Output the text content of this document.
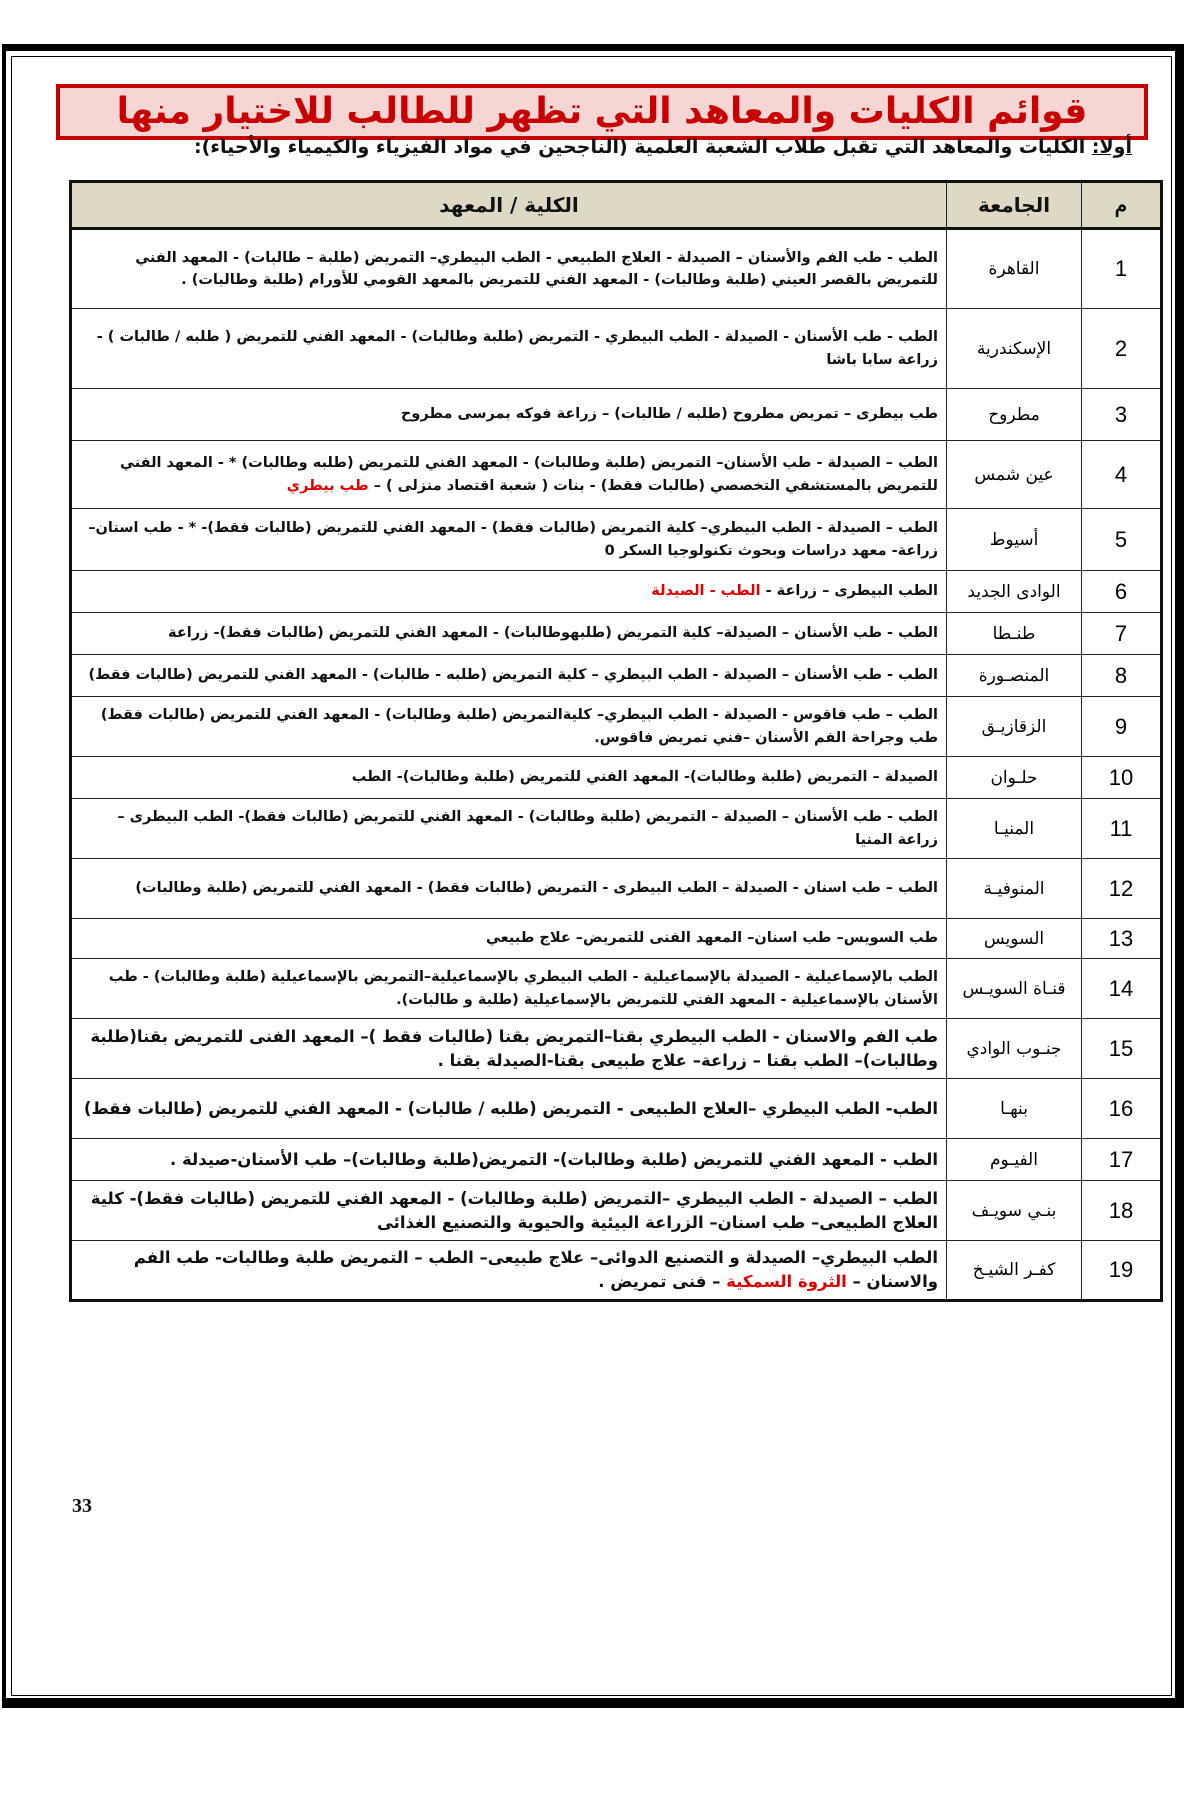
قوائم الكليات والمعاهد التي تظهر للطالب للاختيار منها
أولا: الكليات والمعاهد التي تقبل طلاب الشعبة العلمية (الناجحين في مواد الفيزياء والكيمياء والأحياء):
م	الجامعة	الكلية / المعهد
1	القاهرة	الطب - طب الفم والأسنان – الصيدلة - العلاج الطبيعي - الطب البيطري– التمريض (طلبة – طالبات) - المعهد الفني للتمريض بالقصر العيني (طلبة وطالبات) - المعهد الفني للتمريض بالمعهد القومي للأورام (طلبة وطالبات) .
2	الإسكندرية	الطب - طب الأسنان - الصيدلة - الطب البيطري - التمريض (طلبة وطالبات) - المعهد الفني للتمريض ( طلبه / طالبات ) - زراعة سابا باشا
3	مطروح	طب بيطرى – تمريض مطروح (طلبه / طالبات) – زراعة فوكه بمرسى مطروح
4	عين شمس	الطب – الصيدلة - طب الأسنان– التمريض (طلبة وطالبات) - المعهد الفني للتمريض (طلبه وطالبات) * - المعهد الفني للتمريض بالمستشفي التخصصي (طالبات فقط) - بنات ( شعبة اقتصاد منزلى ) – طب بيطري
5	أسيوط	الطب – الصيدلة - الطب البيطري– كلية التمريض (طالبات فقط) - المعهد الفني للتمريض (طالبات فقط)- * - طب اسنان– زراعة- معهد دراسات وبحوث تكنولوجيا السكر 0
6	الوادى الجديد	الطب البيطرى – زراعة - الطب - الصيدلة
7	طنـطا	الطب - طب الأسنان – الصيدلة– كلية التمريض (طلبهوطالبات) - المعهد الفني للتمريض (طالبات فقط)- زراعة
8	المنصـورة	الطب - طب الأسنان – الصيدلة - الطب البيطري – كلية التمريض (طلبه - طالبات) - المعهد الفني للتمريض (طالبات فقط)
9	الزقازيـق	الطب – طب فاقوس - الصيدلة - الطب البيطري– كليةالتمريض (طلبة وطالبات) - المعهد الفني للتمريض (طالبات فقط) طب وجراحة الفم الأسنان –فني تمريض فاقوس.
10	حلـوان	الصيدلة – التمريض (طلبة وطالبات)- المعهد الفني للتمريض (طلبة وطالبات)- الطب
11	المنيـا	الطب - طب الأسنان – الصيدلة – التمريض (طلبة وطالبات) - المعهد الفني للتمريض (طالبات فقط)- الطب البيطرى – زراعة المنيا
12	المنوفيـة	الطب – طب اسنان - الصيدلة – الطب البيطرى - التمريض (طالبات فقط) - المعهد الفني للتمريض (طلبة وطالبات)
13	السويس	طب السويس– طب اسنان– المعهد الفنى للتمريض– علاج طبيعي
14	قنـاة السويـس	الطب بالإسماعيلية - الصيدلة بالإسماعيلية - الطب البيطري بالإسماعيلية–التمريض بالإسماعيلية (طلبة وطالبات) - طب الأسنان بالإسماعيلية - المعهد الفني للتمريض بالإسماعيلية (طلبة و طالبات).
15	جنـوب الوادي	طب الفم والاسنان - الطب البيطري بقنا–التمريض بقنا (طالبات فقط )– المعهد الفنى للتمريض بقنا(طلبة وطالبات)– الطب بقنا – زراعة– علاج طبيعى بقنا-الصيدلة بقنا .
16	بنهـا	الطب- الطب البيطري –العلاج الطبيعى - التمريض (طلبه / طالبات) - المعهد الفني للتمريض (طالبات فقط)
17	الفيـوم	الطب - المعهد الفني للتمريض (طلبة وطالبات)- التمريض(طلبة وطالبات)– طب الأسنان-صيدلة .
18	بنـي سويـف	الطب – الصيدلة - الطب البيطري –التمريض (طلبة وطالبات) - المعهد الفني للتمريض (طالبات فقط)- كلية العلاج الطبيعى– طب اسنان– الزراعة البيئية والحيوية والتصنيع الغذائى
19	كفـر الشيـخ	الطب البيطري– الصيدلة و التصنيع الدوائى– علاج طبيعى– الطب – التمريض طلبة وطالبات- طب الفم والاسنان – الثروة السمكية – فنى تمريض .
33
